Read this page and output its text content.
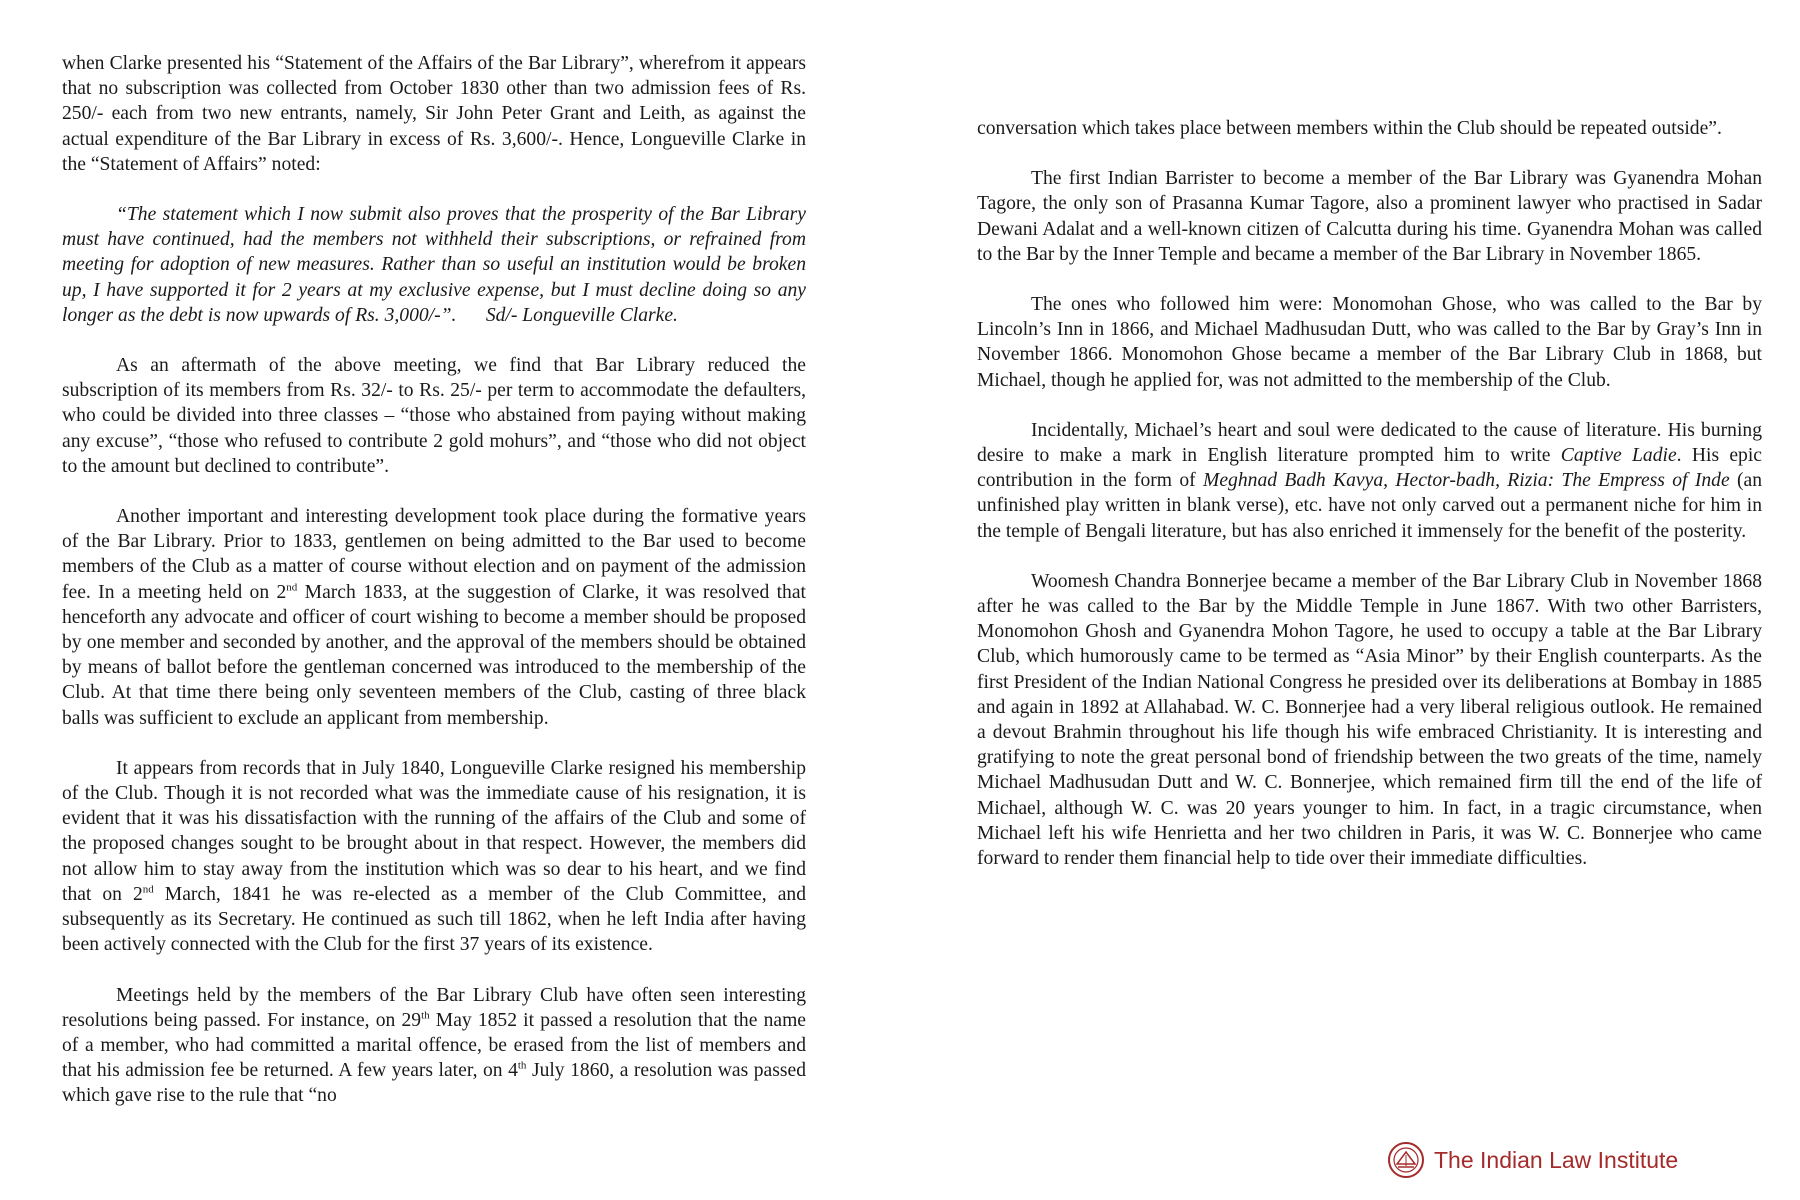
when Clarke presented his “Statement of the Affairs of the Bar Library”, wherefrom it appears that no subscription was collected from October 1830 other than two admission fees of Rs. 250/- each from two new entrants, namely, Sir John Peter Grant and Leith, as against the actual expenditure of the Bar Library in excess of Rs. 3,600/-. Hence, Longueville Clarke in the “Statement of Affairs” noted:

“The statement which I now submit also proves that the prosperity of the Bar Library must have continued, had the members not withheld their subscriptions, or refrained from meeting for adoption of new measures. Rather than so useful an institution would be broken up, I have supported it for 2 years at my exclusive expense, but I must decline doing so any longer as the debt is now upwards of Rs. 3,000/-”. Sd/- Longueville Clarke.

As an aftermath of the above meeting, we find that Bar Library reduced the subscription of its members from Rs. 32/- to Rs. 25/- per term to accommodate the defaulters, who could be divided into three classes – “those who abstained from paying without making any excuse”, “those who refused to contribute 2 gold mohurs”, and “those who did not object to the amount but declined to contribute”.

Another important and interesting development took place during the formative years of the Bar Library. Prior to 1833, gentlemen on being admitted to the Bar used to become members of the Club as a matter of course without election and on payment of the admission fee. In a meeting held on 2nd March 1833, at the suggestion of Clarke, it was resolved that henceforth any advocate and officer of court wishing to become a member should be proposed by one member and seconded by another, and the approval of the members should be obtained by means of ballot before the gentleman concerned was introduced to the membership of the Club. At that time there being only seventeen members of the Club, casting of three black balls was sufficient to exclude an applicant from membership.

It appears from records that in July 1840, Longueville Clarke resigned his membership of the Club. Though it is not recorded what was the immediate cause of his resignation, it is evident that it was his dissatisfaction with the running of the affairs of the Club and some of the proposed changes sought to be brought about in that respect. However, the members did not allow him to stay away from the institution which was so dear to his heart, and we find that on 2nd March, 1841 he was re-elected as a member of the Club Committee, and subsequently as its Secretary. He continued as such till 1862, when he left India after having been actively connected with the Club for the first 37 years of its existence.

Meetings held by the members of the Bar Library Club have often seen interesting resolutions being passed. For instance, on 29th May 1852 it passed a resolution that the name of a member, who had committed a marital offence, be erased from the list of members and that his admission fee be returned. A few years later, on 4th July 1860, a resolution was passed which gave rise to the rule that “no

conversation which takes place between members within the Club should be repeated outside”.

The first Indian Barrister to become a member of the Bar Library was Gyanendra Mohan Tagore, the only son of Prasanna Kumar Tagore, also a prominent lawyer who practised in Sadar Dewani Adalat and a well-known citizen of Calcutta during his time. Gyanendra Mohan was called to the Bar by the Inner Temple and became a member of the Bar Library in November 1865.

The ones who followed him were: Monomohan Ghose, who was called to the Bar by Lincoln’s Inn in 1866, and Michael Madhusudan Dutt, who was called to the Bar by Gray’s Inn in November 1866. Monomohon Ghose became a member of the Bar Library Club in 1868, but Michael, though he applied for, was not admitted to the membership of the Club.

Incidentally, Michael’s heart and soul were dedicated to the cause of literature. His burning desire to make a mark in English literature prompted him to write Captive Ladie. His epic contribution in the form of Meghnad Badh Kavya, Hector-badh, Rizia: The Empress of Inde (an unfinished play written in blank verse), etc. have not only carved out a permanent niche for him in the temple of Bengali literature, but has also enriched it immensely for the benefit of the posterity.

Woomesh Chandra Bonnerjee became a member of the Bar Library Club in November 1868 after he was called to the Bar by the Middle Temple in June 1867. With two other Barristers, Monomohon Ghosh and Gyanendra Mohon Tagore, he used to occupy a table at the Bar Library Club, which humorously came to be termed as “Asia Minor” by their English counterparts. As the first President of the Indian National Congress he presided over its deliberations at Bombay in 1885 and again in 1892 at Allahabad. W. C. Bonnerjee had a very liberal religious outlook. He remained a devout Brahmin throughout his life though his wife embraced Christianity. It is interesting and gratifying to note the great personal bond of friendship between the two greats of the time, namely Michael Madhusudan Dutt and W. C. Bonnerjee, which remained firm till the end of the life of Michael, although W. C. was 20 years younger to him. In fact, in a tragic circumstance, when Michael left his wife Henrietta and her two children in Paris, it was W. C. Bonnerjee who came forward to render them financial help to tide over their immediate difficulties.

The Indian Law Institute
